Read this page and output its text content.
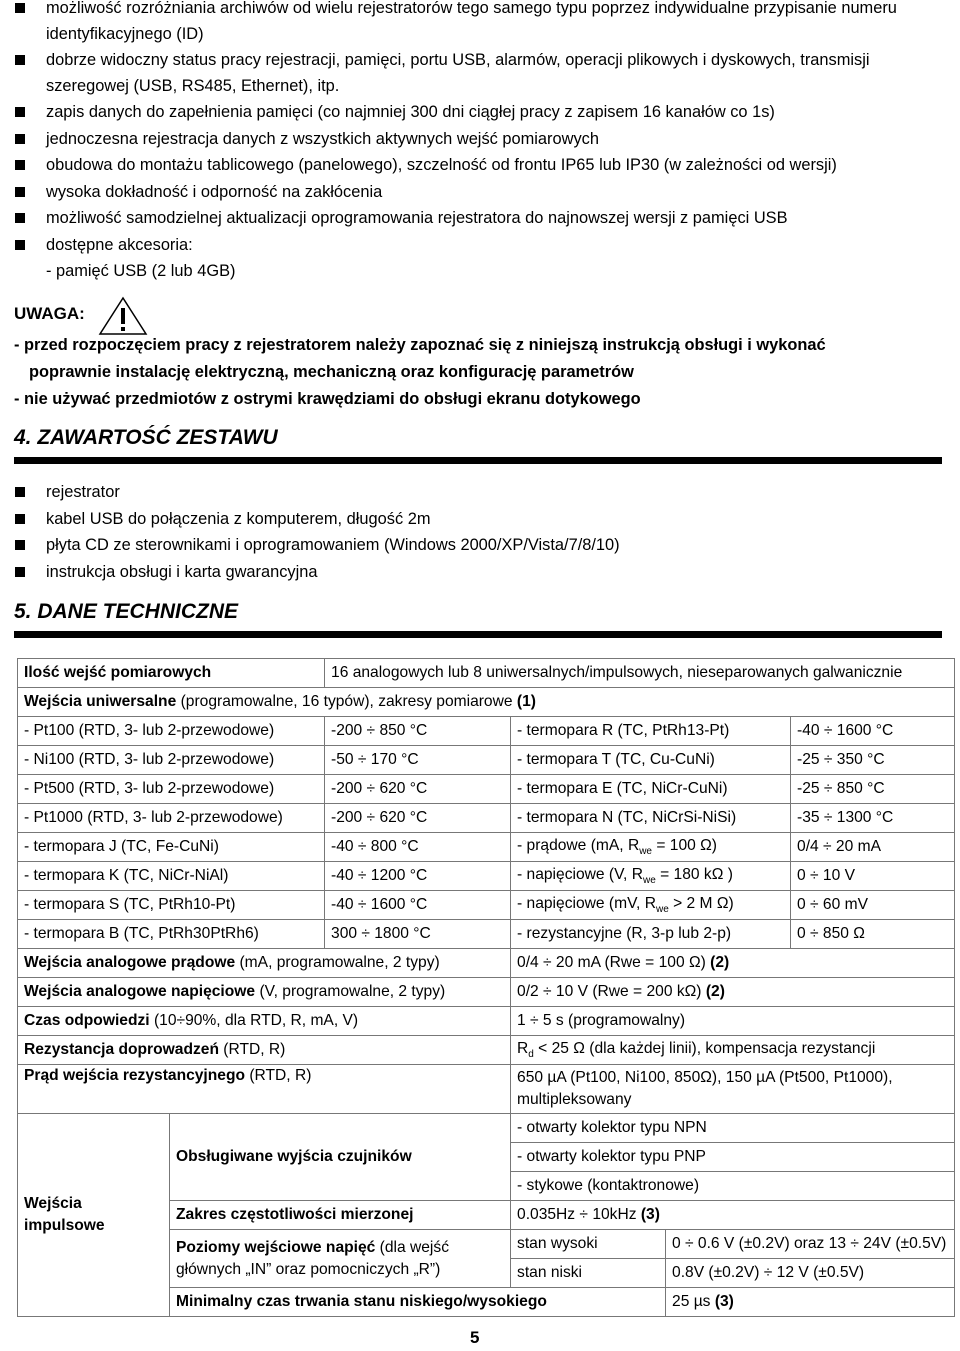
możliwość rozróżniania archiwów od wielu rejestratorów tego samego typu poprzez indywidualne przypisanie numeru identyfikacyjnego (ID)
dobrze widoczny status pracy rejestracji, pamięci, portu USB, alarmów, operacji plikowych i dyskowych, transmisji szeregowej (USB, RS485, Ethernet), itp.
zapis danych do zapełnienia pamięci (co najmniej 300 dni ciągłej pracy z zapisem 16 kanałów co 1s)
jednoczesna rejestracja danych z wszystkich aktywnych wejść pomiarowych
obudowa do montażu tablicowego (panelowego), szczelność od frontu IP65 lub IP30 (w zależności od wersji)
wysoka dokładność i odporność na zakłócenia
możliwość samodzielnej aktualizacji oprogramowania rejestratora do najnowszej wersji z pamięci USB
dostępne akcesoria:
- pamięć USB (2 lub 4GB)
UWAGA:
- przed rozpoczęciem pracy z rejestratorem należy zapoznać się z niniejszą instrukcją obsługi i wykonać
poprawnie instalację elektryczną, mechaniczną oraz konfigurację parametrów
- nie używać przedmiotów z ostrymi krawędziami do obsługi ekranu dotykowego
4. ZAWARTOŚĆ ZESTAWU
rejestrator
kabel USB do połączenia z komputerem, długość 2m
płyta CD ze sterownikami i oprogramowaniem (Windows 2000/XP/Vista/7/8/10)
instrukcja obsługi i karta gwarancyjna
5. DANE TECHNICZNE
Ilość wejść pomiarowych		16 analogowych lub 8 uniwersalnych/impulsowych, nieseparowanych galwanicznie			
Wejścia uniwersalne (programowalne, 16 typów), zakresy pomiarowe (1)					
- Pt100 (RTD, 3- lub 2-przewodowe)		-200 ÷ 850 °C	- termopara R (TC, PtRh13-Pt)		-40 ÷ 1600 °C
- Ni100 (RTD, 3- lub 2-przewodowe)		-50 ÷ 170 °C	- termopara T (TC, Cu-CuNi)		-25 ÷ 350 °C
- Pt500 (RTD, 3- lub 2-przewodowe)		-200 ÷ 620 °C	- termopara E (TC, NiCr-CuNi)		-25 ÷ 850 °C
- Pt1000 (RTD, 3- lub 2-przewodowe)		-200 ÷ 620 °C	- termopara N (TC, NiCrSi-NiSi)		-35 ÷ 1300 °C
- termopara J (TC, Fe-CuNi)		-40 ÷ 800 °C	- prądowe (mA, $R_{we} = 100$ Ω)		0/4 ÷ 20 mA
- termopara K (TC, NiCr-NiAl)		-40 ÷ 1200 °C	- napięciowe (V, $R_{we} = 180$ kΩ )		0 ÷ 10 V
- termopara S (TC, PtRh10-Pt)		-40 ÷ 1600 °C	- napięciowe (mV, $R_{we} > 2$ M Ω)		0 ÷ 60 mV
- termopara B (TC, PtRh30PtRh6)		300 ÷ 1800 °C	- rezystancyjne (R, 3-p lub 2-p)		0 ÷ 850 Ω
Wejścia analogowe prądowe (mA, programowalne, 2 typy)			0/4 ÷ 20 mA (Rwe = 100 Ω) (2)		
Wejścia analogowe napięciowe (V, programowalne, 2 typy)			0/2 ÷ 10 V (Rwe = 200 kΩ) (2)		
Czas odpowiedzi (10÷90%, dla RTD, R, mA, V)			1 ÷ 5 s (programowalny)		
Rezystancja doprowadzeń (RTD, R)			$R_d < 25$ Ω (dla każdej linii), kompensacja rezystancji		
Prąd wejścia rezystancyjnego (RTD, R)			650 µA (Pt100, Ni100, 850Ω), 150 µA (Pt500, Pt1000), multipleksowany		
Wejścia impulsowe	Obsługiwane wyjścia czujników		- otwarty kolektor typu NPN		
			- otwarty kolektor typu PNP		
			- stykowe (kontaktronowe)		
	Zakres częstotliwości mierzonej		0.035Hz ÷ 10kHz (3)		
	Poziomy wejściowe napięć (dla wejść głównych „IN” oraz pomocniczych „R”)		stan wysoki	0 ÷ 0.6 V (±0.2V) oraz 13 ÷ 24V (±0.5V)	
			stan niski	0.8V (±0.2V) ÷ 12 V (±0.5V)	
	Minimalny czas trwania stanu niskiego/wysokiego			25 µs (3)	
5
